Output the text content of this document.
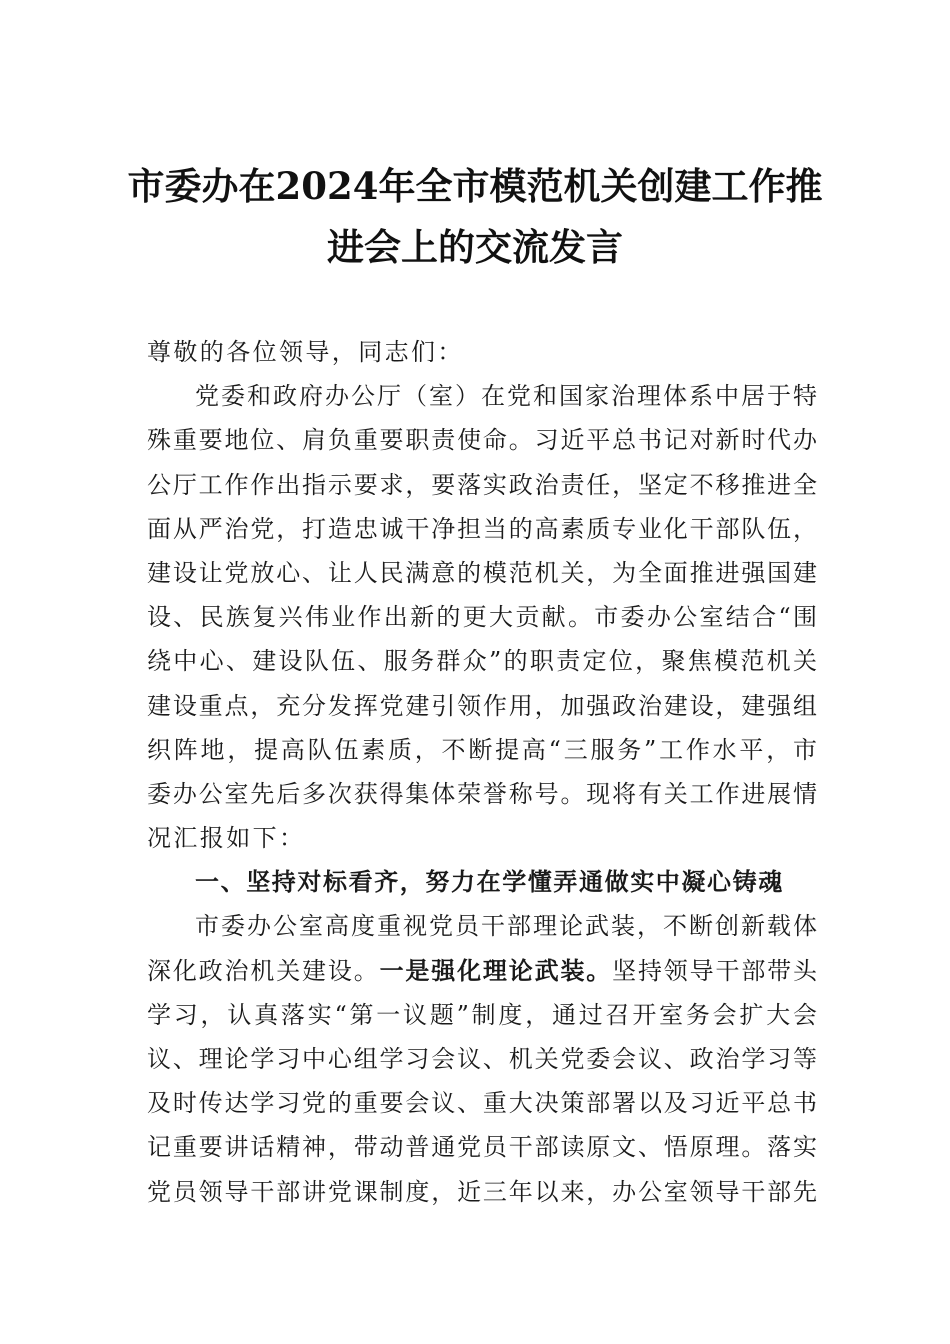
市委办在2024年全市模范机关创建工作推
进会上的交流发言
尊敬的各位领导，同志们：
党委和政府办公厅（室）在党和国家治理体系中居于特
殊重要地位、肩负重要职责使命。习近平总书记对新时代办
公厅工作作出指示要求，要落实政治责任，坚定不移推进全
面从严治党，打造忠诚干净担当的高素质专业化干部队伍，
建设让党放心、让人民满意的模范机关，为全面推进强国建
设、民族复兴伟业作出新的更大贡献。市委办公室结合“围
绕中心、建设队伍、服务群众”的职责定位，聚焦模范机关
建设重点，充分发挥党建引领作用，加强政治建设，建强组
织阵地，提高队伍素质，不断提高“三服务”工作水平，市
委办公室先后多次获得集体荣誉称号。现将有关工作进展情
况汇报如下：
一、坚持对标看齐，努力在学懂弄通做实中凝心铸魂
市委办公室高度重视党员干部理论武装，不断创新载体
深化政治机关建设。一是强化理论武装。坚持领导干部带头
学习，认真落实“第一议题”制度，通过召开室务会扩大会
议、理论学习中心组学习会议、机关党委会议、政治学习等
及时传达学习党的重要会议、重大决策部署以及习近平总书
记重要讲话精神，带动普通党员干部读原文、悟原理。落实
党员领导干部讲党课制度，近三年以来，办公室领导干部先
